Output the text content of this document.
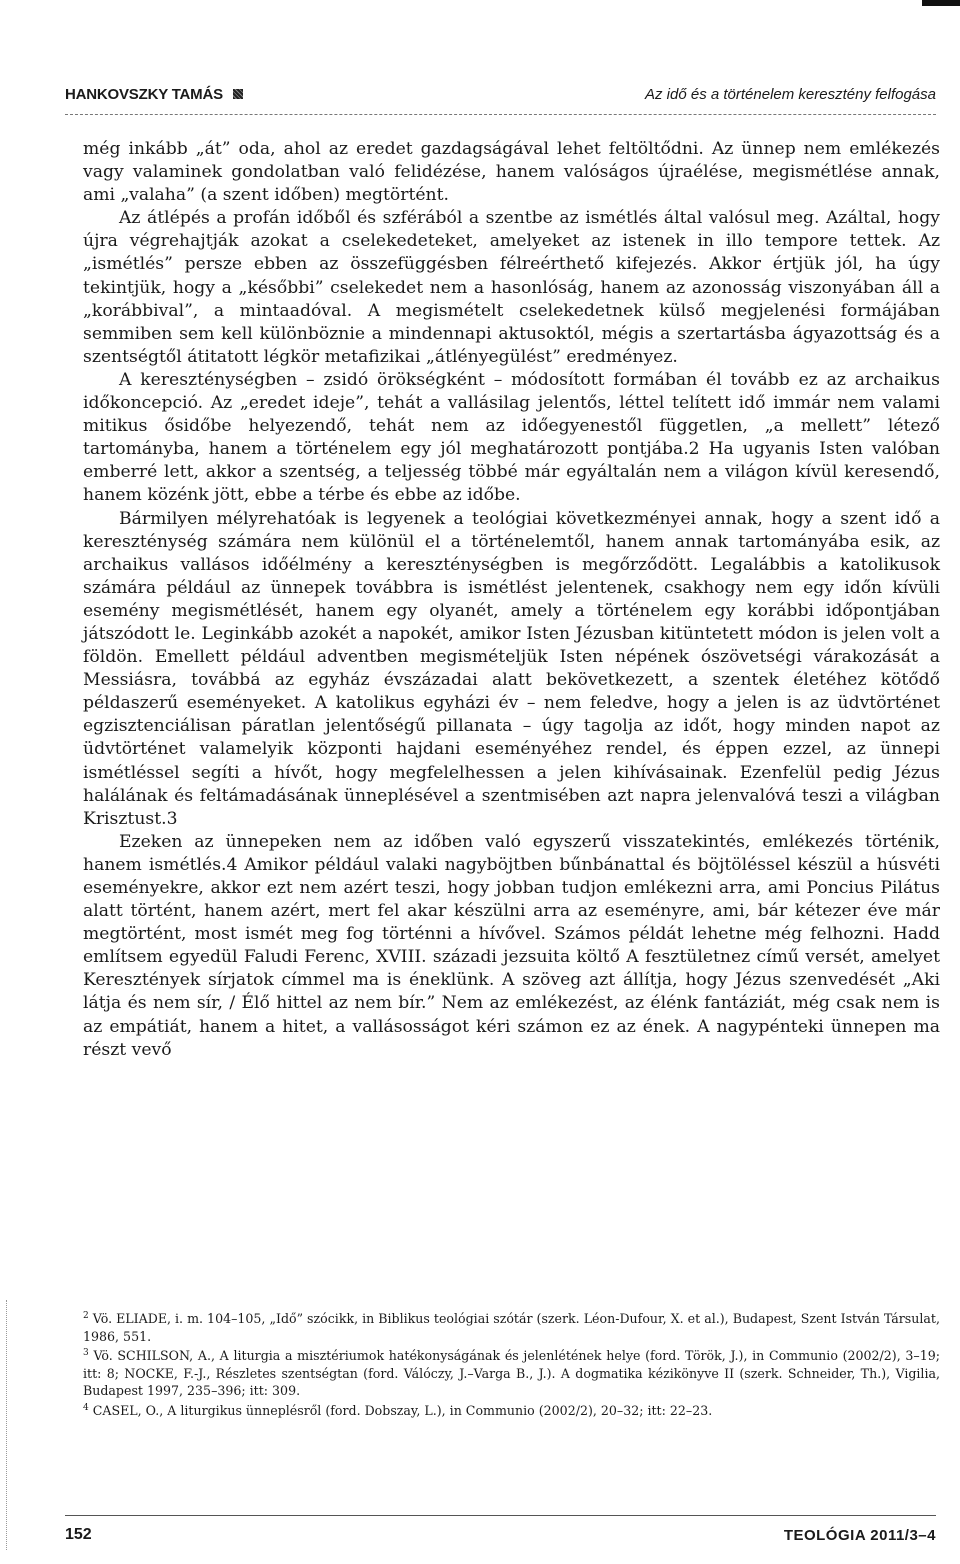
HANKOVSZKY TAMÁS	Az idő és a történelem keresztény felfogása

még inkább „át” oda, ahol az eredet gazdagságával lehet feltöltődni. Az ünnep nem emlékezés vagy valaminek gondolatban való felidézése, hanem valóságos újraélése, megismétlése annak, ami „valaha” (a szent időben) megtörtént.

Az átlépés a profán időből és szférából a szentbe az ismétlés által valósul meg. Azáltal, hogy újra végrehajtják azokat a cselekedeteket, amelyeket az istenek in illo tempore tettek. Az „ismétlés” persze ebben az összefüggésben félreérthető kifejezés. Akkor értjük jól, ha úgy tekintjük, hogy a „későbbi” cselekedet nem a hasonlóság, hanem az azonosság viszonyában áll a „korábbival”, a mintaadóval. A megismételt cselekedetnek külső megjelenési formájában semmiben sem kell különböznie a mindennapi aktusoktól, mégis a szertartásba ágyazottság és a szentségtől átitatott légkör metafizikai „átlényegülést” eredményez.

A kereszténységben – zsidó örökségként – módosított formában él tovább ez az archaikus időkoncepció. Az „eredet ideje”, tehát a vallásilag jelentős, léttel telített idő immár nem valami mitikus ősidőbe helyezendő, tehát nem az időegyenestől független, „a mellett” létező tartományba, hanem a történelem egy jól meghatározott pontjába.2 Ha ugyanis Isten valóban emberré lett, akkor a szentség, a teljesség többé már egyáltalán nem a világon kívül keresendő, hanem közénk jött, ebbe a térbe és ebbe az időbe.

Bármilyen mélyrehatóak is legyenek a teológiai következményei annak, hogy a szent idő a kereszténység számára nem különül el a történelemtől, hanem annak tartományába esik, az archaikus vallásos időélmény a kereszténységben is megőrződött. Legalábbis a katolikusok számára például az ünnepek továbbra is ismétlést jelentenek, csakhogy nem egy időn kívüli esemény megismétlését, hanem egy olyanét, amely a történelem egy korábbi időpontjában játszódott le. Leginkább azokét a napokét, amikor Isten Jézusban kitüntetett módon is jelen volt a földön. Emellett például adventben megismételjük Isten népének ószövetségi várakozását a Messiásra, továbbá az egyház évszázadai alatt bekövetkezett, a szentek életéhez kötődő példaszerű eseményeket. A katolikus egyházi év – nem feledve, hogy a jelen is az üdvtörténet egzisztenciálisan páratlan jelentőségű pillanata – úgy tagolja az időt, hogy minden napot az üdvtörténet valamelyik központi hajdani eseményéhez rendel, és éppen ezzel, az ünnepi ismétléssel segíti a hívőt, hogy megfelelhessen a jelen kihívásainak. Ezenfelül pedig Jézus halálának és feltámadásának ünneplésével a szentmisében azt napra jelenvalóvá teszi a világban Krisztust.3

Ezeken az ünnepeken nem az időben való egyszerű visszatekintés, emlékezés történik, hanem ismétlés.4 Amikor például valaki nagyböjtben bűnbánattal és böjtöléssel készül a húsvéti eseményekre, akkor ezt nem azért teszi, hogy jobban tudjon emlékezni arra, ami Poncius Pilátus alatt történt, hanem azért, mert fel akar készülni arra az eseményre, ami, bár kétezer éve már megtörtént, most ismét meg fog történni a hívővel. Számos példát lehetne még felhozni. Hadd említsem egyedül Faludi Ferenc, XVIII. századi jezsuita költő A fesztületnez című versét, amelyet Keresztények sírjatok címmel ma is éneklünk. A szöveg azt állítja, hogy Jézus szenvedését „Aki látja és nem sír, / Élő hittel az nem bír.” Nem az emlékezést, az élénk fantáziát, még csak nem is az empátiát, hanem a hitet, a vallásosságot kéri számon ez az ének. A nagypénteki ünnepen ma részt vevő

$^2$ Vö. ELIADE, i. m. 104–105, „Idő” szócikk, in Biblikus teológiai szótár (szerk. Léon-Dufour, X. et al.), Budapest, Szent István Társulat, 1986, 551.

$^3$ Vö. SCHILSON, A., A liturgia a misztériumok hatékonyságának és jelenlétének helye (ford. Török, J.), in Communio (2002/2), 3–19; itt: 8; NOCKE, F.-J., Részletes szentségtan (ford. Válóczy, J.–Varga B., J.). A dogmatika kézikönyve II (szerk. Schneider, Th.), Vigilia, Budapest 1997, 235–396; itt: 309.

$^4$ CASEL, O., A liturgikus ünneplésről (ford. Dobszay, L.), in Communio (2002/2), 20–32; itt: 22–23.

152	TEOLÓGIA 2011/3–4
